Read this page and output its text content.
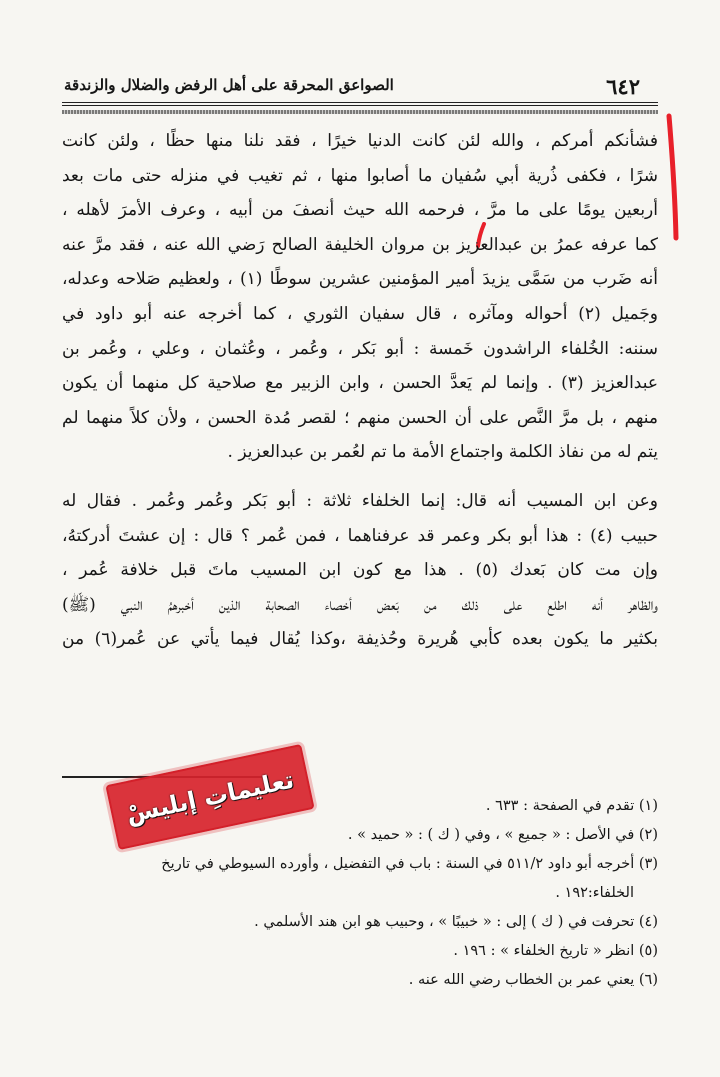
٦٤٢
الصواعق المحرقة على أهل الرفض والضلال والزندقة

فشأنكم أمركم ، والله لئن كانت الدنيا خيرًا ، فقد نلنا منها حظًا ، ولئن كانت

شرًا ، فكفى ذُرية أبي سُفيان ما أصابوا منها ، ثم تغيب في منزله حتى مات بعد

أربعين يومًا على ما مرَّ ، فرحمه الله حيث أنصفَ من أبيه ، وعرف الأمرَ لأهله ،

كما عرفه عمرُ بن عبدالعزيز بن مروان الخليفة الصالح رَضي الله عنه ، فقد مرَّ عنه

أنه ضَرب من سَمَّى يزيدَ أمير المؤمنين عشرين سوطًا (١) ، ولعظيم صَلاحه وعدله،

وجَميل (٢) أحواله ومآثره ، قال سفيان الثوري ، كما أخرجه عنه أبو داود في

سننه: الخُلفاء الراشدون خَمسة : أبو بَكر ، وعُمر ، وعُثمان ، وعلي ، وعُمر بن

عبدالعزيز (٣) . وإنما لم يَعدَّ الحسن ، وابن الزبير مع صلاحية كل منهما أن يكون

منهم ، بل مرَّ النَّص على أن الحسن منهم ؛ لقصر مُدة الحسن ، ولأن كلاً منهما لم

يتم له من نفاذ الكلمة واجتماع الأمة ما تم لعُمر بن عبدالعزيز .

وعن ابن المسيب أنه قال: إنما الخلفاء ثلاثة : أبو بَكر وعُمر وعُمر . فقال له

حبيب (٤) : هذا أبو بكر وعمر قد عرفناهما ، فمن عُمر ؟ قال : إن عشتَ أدركتهُ،

وإن مت كان بَعدك (٥) . هذا مع كون ابن المسيب ماتَ قبل خلافة عُمر ،

والظاهر أنه اطلع على ذلك من بَعض أخصاء الصحابة الذين أخبرهمُ النبي (ﷺ)

بكثير ما يكون بعده كأبي هُريرة وحُذيفة ،وكذا يُقال فيما يأتي عن عُمر(٦) من

(١) تقدم في الصفحة : ٦٣٣ .

(٢) في الأصل : « جميع » ، وفي ( ك ) : « حميد » .

(٣) أخرجه أبو داود ٥١١/٢ في السنة : باب في التفضيل ، وأورده السيوطي في تاريخ

الخلفاء:١٩٢ .

(٤) تحرفت في ( ك ) إلى : « خبيبًا » ، وحبيب هو ابن هند الأسلمي .

(٥) انظر « تاريخ الخلفاء » : ١٩٦ .

(٦) يعني عمر بن الخطاب رضي الله عنه .

تعليماتِ إبليسْ
